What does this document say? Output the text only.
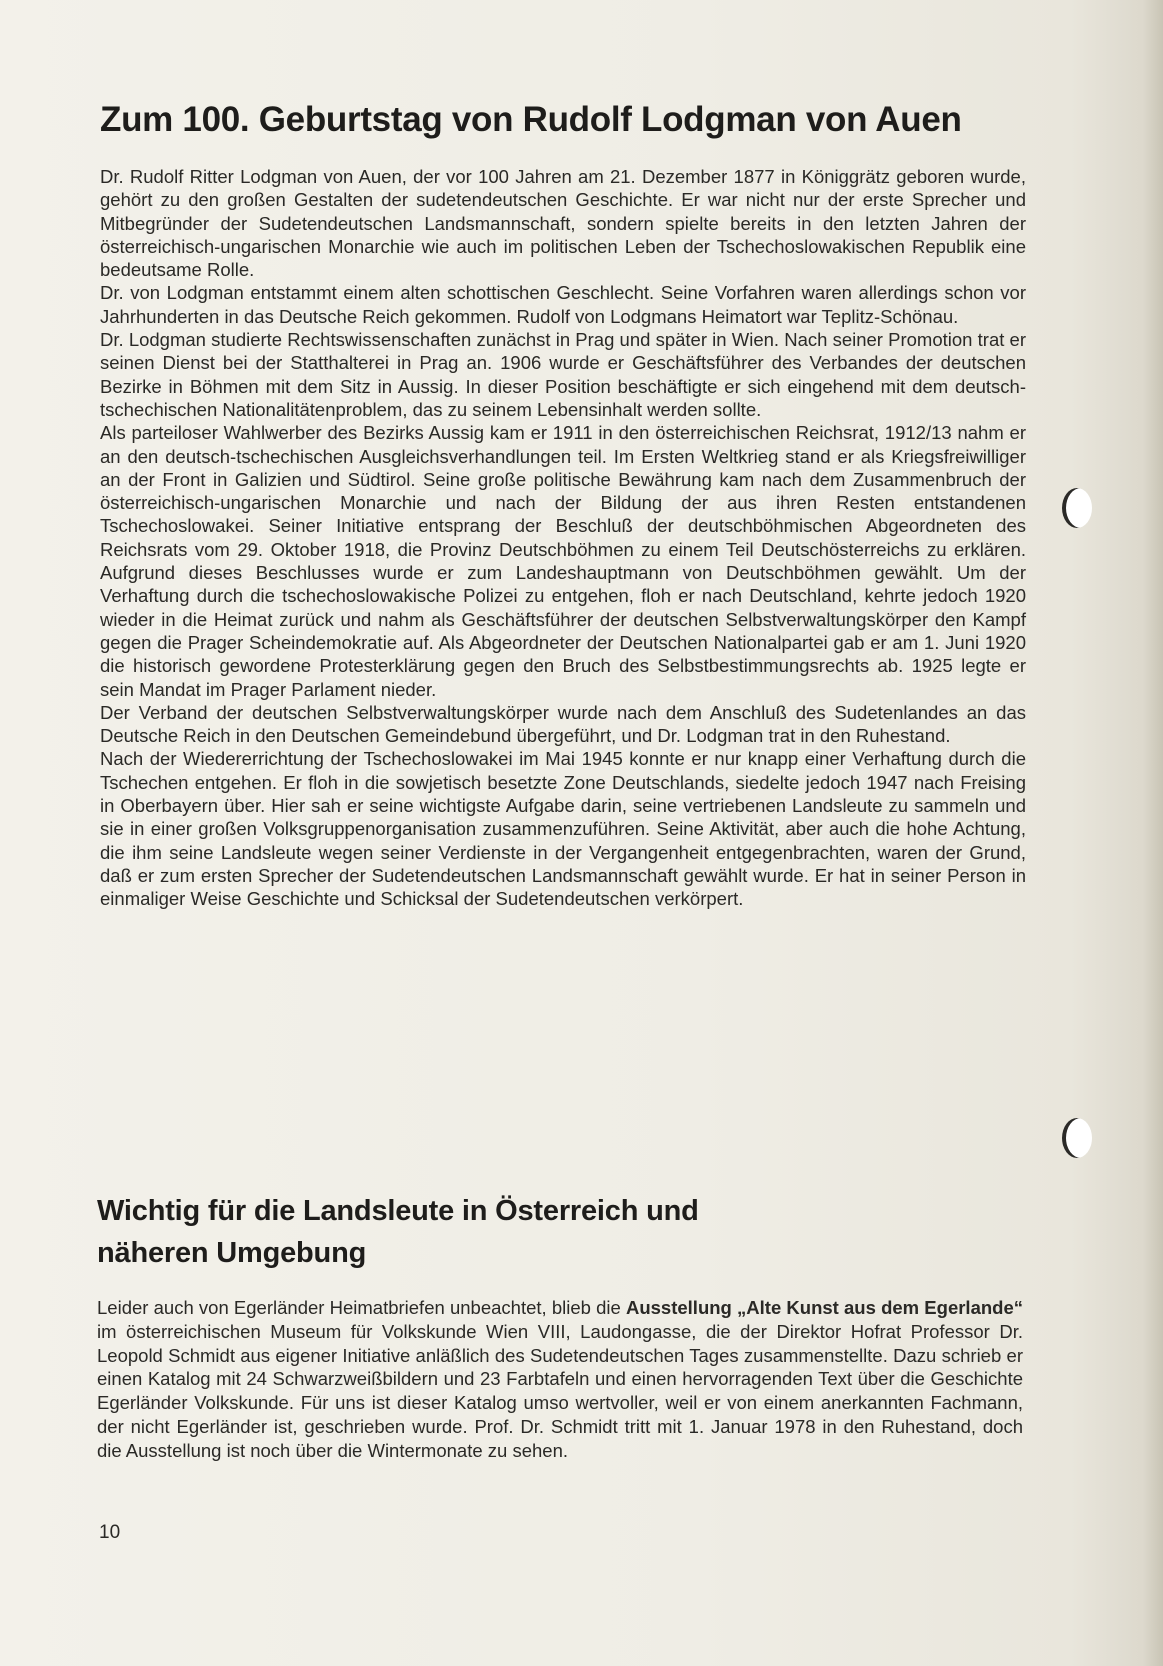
Zum 100. Geburtstag von Rudolf Lodgman von Auen

Dr. Rudolf Ritter Lodgman von Auen, der vor 100 Jahren am 21. Dezember 1877 in Königgrätz geboren wurde, gehört zu den großen Gestalten der sudetendeutschen Geschichte. Er war nicht nur der erste Sprecher und Mitbegründer der Sudetendeutschen Landsmannschaft, sondern spielte bereits in den letzten Jahren der österreichisch-ungarischen Monarchie wie auch im politischen Leben der Tschechoslowakischen Republik eine bedeutsame Rolle.

Dr. von Lodgman entstammt einem alten schottischen Geschlecht. Seine Vorfahren waren allerdings schon vor Jahrhunderten in das Deutsche Reich gekommen. Rudolf von Lodgmans Heimatort war Teplitz-Schönau.

Dr. Lodgman studierte Rechtswissenschaften zunächst in Prag und später in Wien. Nach seiner Promotion trat er seinen Dienst bei der Statthalterei in Prag an. 1906 wurde er Geschäftsführer des Verbandes der deutschen Bezirke in Böhmen mit dem Sitz in Aussig. In dieser Position beschäftigte er sich eingehend mit dem deutsch-tschechischen Nationalitätenproblem, das zu seinem Lebensinhalt werden sollte.

Als parteiloser Wahlwerber des Bezirks Aussig kam er 1911 in den österreichischen Reichsrat, 1912/13 nahm er an den deutsch-tschechischen Ausgleichsverhandlungen teil. Im Ersten Weltkrieg stand er als Kriegsfreiwilliger an der Front in Galizien und Südtirol. Seine große politische Bewährung kam nach dem Zusammenbruch der österreichisch-ungarischen Monarchie und nach der Bildung der aus ihren Resten entstandenen Tschechoslowakei. Seiner Initiative entsprang der Beschluß der deutschböhmischen Abgeordneten des Reichsrats vom 29. Oktober 1918, die Provinz Deutschböhmen zu einem Teil Deutschösterreichs zu erklären. Aufgrund dieses Beschlusses wurde er zum Landeshauptmann von Deutschböhmen gewählt. Um der Verhaftung durch die tschechoslowakische Polizei zu entgehen, floh er nach Deutschland, kehrte jedoch 1920 wieder in die Heimat zurück und nahm als Geschäftsführer der deutschen Selbstverwaltungskörper den Kampf gegen die Prager Scheindemokratie auf. Als Abgeordneter der Deutschen Nationalpartei gab er am 1. Juni 1920 die historisch gewordene Protesterklärung gegen den Bruch des Selbstbestimmungsrechts ab. 1925 legte er sein Mandat im Prager Parlament nieder.

Der Verband der deutschen Selbstverwaltungskörper wurde nach dem Anschluß des Sudetenlandes an das Deutsche Reich in den Deutschen Gemeindebund übergeführt, und Dr. Lodgman trat in den Ruhestand.

Nach der Wiedererrichtung der Tschechoslowakei im Mai 1945 konnte er nur knapp einer Verhaftung durch die Tschechen entgehen. Er floh in die sowjetisch besetzte Zone Deutschlands, siedelte jedoch 1947 nach Freising in Oberbayern über. Hier sah er seine wichtigste Aufgabe darin, seine vertriebenen Landsleute zu sammeln und sie in einer großen Volksgruppenorganisation zusammenzuführen. Seine Aktivität, aber auch die hohe Achtung, die ihm seine Landsleute wegen seiner Verdienste in der Vergangenheit entgegenbrachten, waren der Grund, daß er zum ersten Sprecher der Sudetendeutschen Landsmannschaft gewählt wurde. Er hat in seiner Person in einmaliger Weise Geschichte und Schicksal der Sudetendeutschen verkörpert.

Wichtig für die Landsleute in Österreich und
näheren Umgebung

Leider auch von Egerländer Heimatbriefen unbeachtet, blieb die Ausstellung „Alte Kunst aus dem Egerlande“ im österreichischen Museum für Volkskunde Wien VIII, Laudongasse, die der Direktor Hofrat Professor Dr. Leopold Schmidt aus eigener Initiative anläßlich des Sudetendeutschen Tages zusammenstellte. Dazu schrieb er einen Katalog mit 24 Schwarzweißbildern und 23 Farbtafeln und einen hervorragenden Text über die Geschichte Egerländer Volkskunde. Für uns ist dieser Katalog umso wertvoller, weil er von einem anerkannten Fachmann, der nicht Egerländer ist, geschrieben wurde. Prof. Dr. Schmidt tritt mit 1. Januar 1978 in den Ruhestand, doch die Ausstellung ist noch über die Wintermonate zu sehen.

10
